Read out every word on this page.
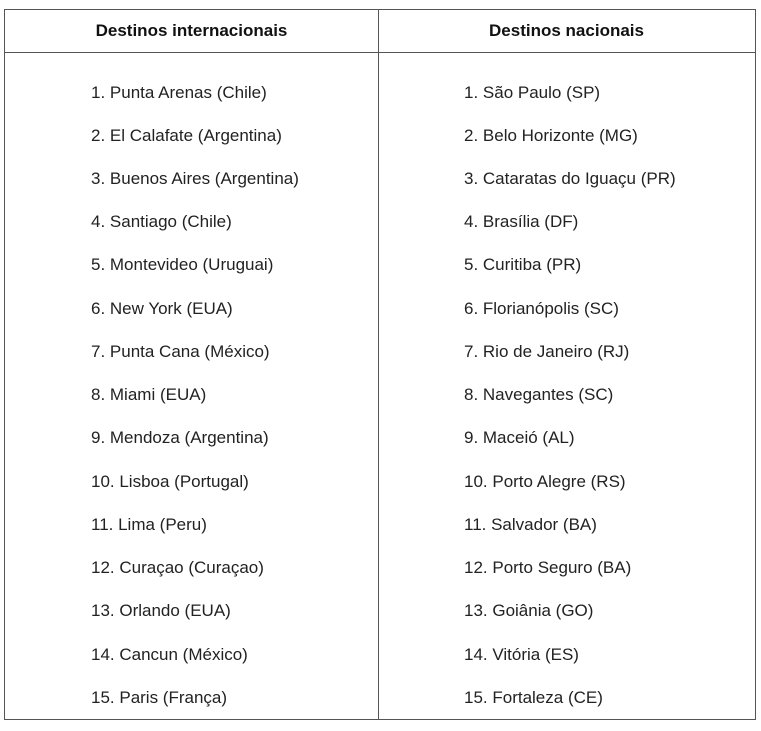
Destinos internacionais
1. Punta Arenas (Chile)
2. El Calafate (Argentina)
3. Buenos Aires (Argentina)
4. Santiago (Chile)
5. Montevideo (Uruguai)
6. New York (EUA)
7. Punta Cana (México)
8. Miami (EUA)
9. Mendoza (Argentina)
10. Lisboa (Portugal)
11. Lima (Peru)
12. Curaçao (Curaçao)
13. Orlando (EUA)
14. Cancun (México)
15. Paris (França)
Destinos nacionais
1. São Paulo (SP)
2. Belo Horizonte (MG)
3. Cataratas do Iguaçu (PR)
4. Brasília (DF)
5. Curitiba (PR)
6. Florianópolis (SC)
7. Rio de Janeiro (RJ)
8. Navegantes (SC)
9. Maceió (AL)
10. Porto Alegre (RS)
11. Salvador (BA)
12. Porto Seguro (BA)
13. Goiânia (GO)
14. Vitória (ES)
15. Fortaleza (CE)
